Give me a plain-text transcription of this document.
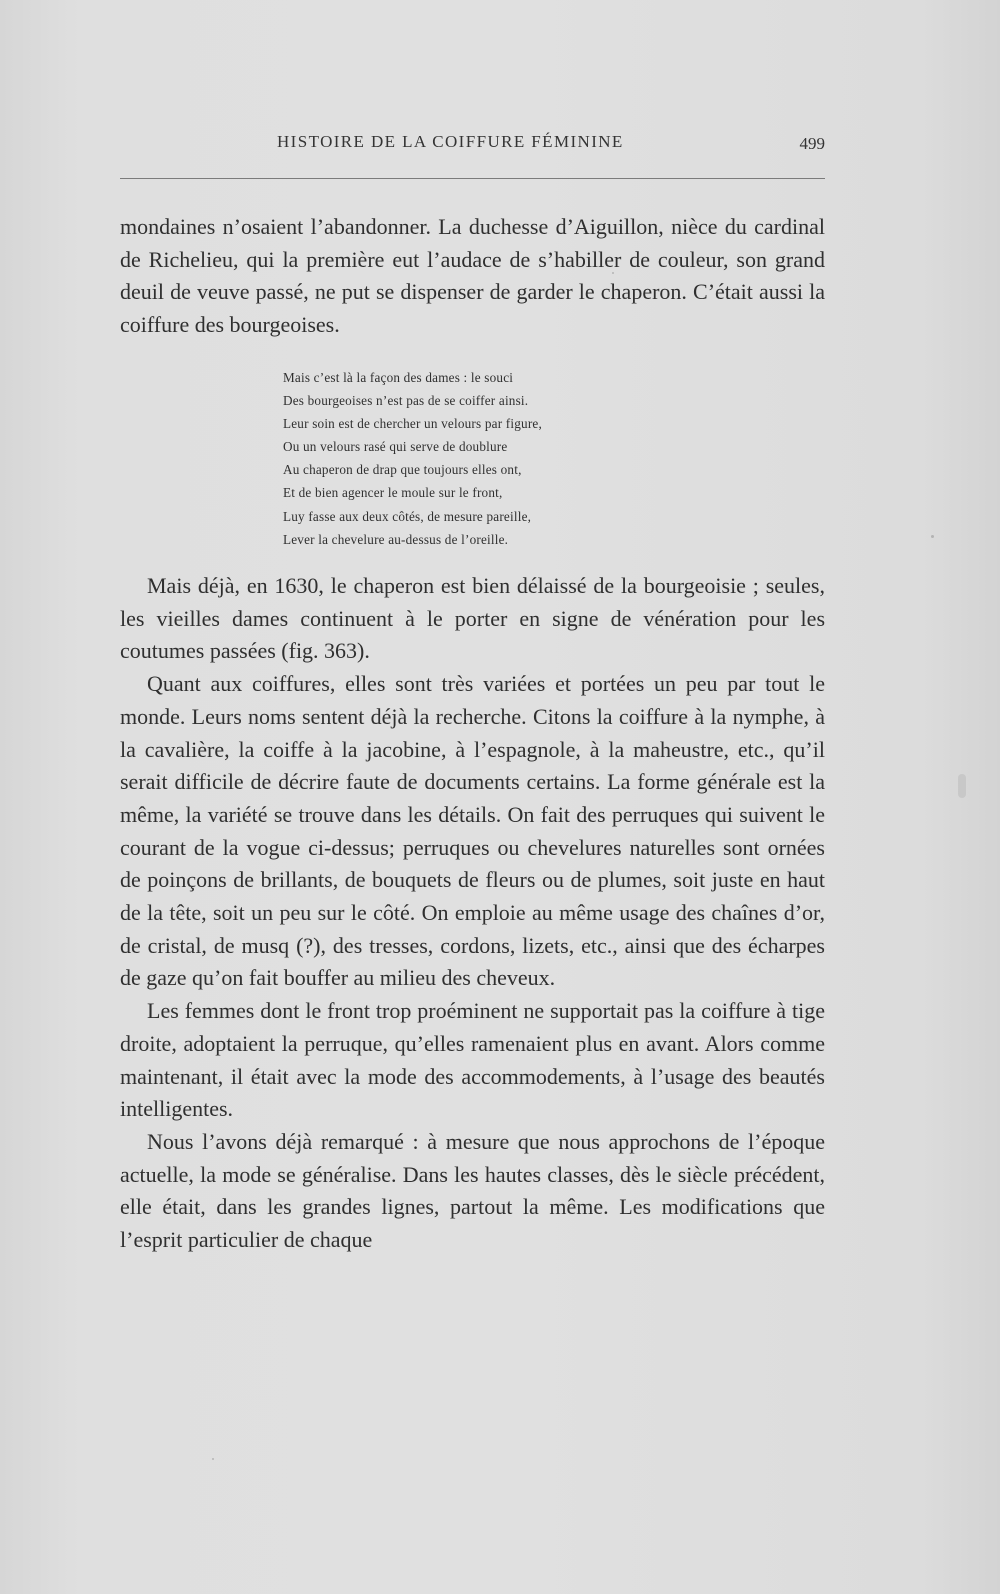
HISTOIRE DE LA COIFFURE FÉMININE	499

mondaines n’osaient l’abandonner. La duchesse d’Aiguillon, nièce du cardinal de Richelieu, qui la première eut l’audace de s’habiller de couleur, son grand deuil de veuve passé, ne put se dispenser de garder le chaperon. C’était aussi la coiffure des bourgeoises.

Mais c’est là la façon des dames : le souci
Des bourgeoises n’est pas de se coiffer ainsi.
Leur soin est de chercher un velours par figure,
Ou un velours rasé qui serve de doublure
Au chaperon de drap que toujours elles ont,
Et de bien agencer le moule sur le front,
Luy fasse aux deux côtés, de mesure pareille,
Lever la chevelure au-dessus de l’oreille.

Mais déjà, en 1630, le chaperon est bien délaissé de la bourgeoisie ; seules, les vieilles dames continuent à le porter en signe de vénération pour les coutumes passées (fig. 363).

Quant aux coiffures, elles sont très variées et portées un peu par tout le monde. Leurs noms sentent déjà la recherche. Citons la coiffure à la nymphe, à la cavalière, la coiffe à la jacobine, à l’espagnole, à la maheustre, etc., qu’il serait difficile de décrire faute de documents certains. La forme générale est la même, la variété se trouve dans les détails. On fait des perruques qui suivent le courant de la vogue ci-dessus; perruques ou chevelures naturelles sont ornées de poinçons de brillants, de bouquets de fleurs ou de plumes, soit juste en haut de la tête, soit un peu sur le côté. On emploie au même usage des chaînes d’or, de cristal, de musq (?), des tresses, cordons, lizets, etc., ainsi que des écharpes de gaze qu’on fait bouffer au milieu des cheveux.

Les femmes dont le front trop proéminent ne supportait pas la coiffure à tige droite, adoptaient la perruque, qu’elles ramenaient plus en avant. Alors comme maintenant, il était avec la mode des accommodements, à l’usage des beautés intelligentes.

Nous l’avons déjà remarqué : à mesure que nous approchons de l’époque actuelle, la mode se généralise. Dans les hautes classes, dès le siècle précédent, elle était, dans les grandes lignes, partout la même. Les modifications que l’esprit particulier de chaque
